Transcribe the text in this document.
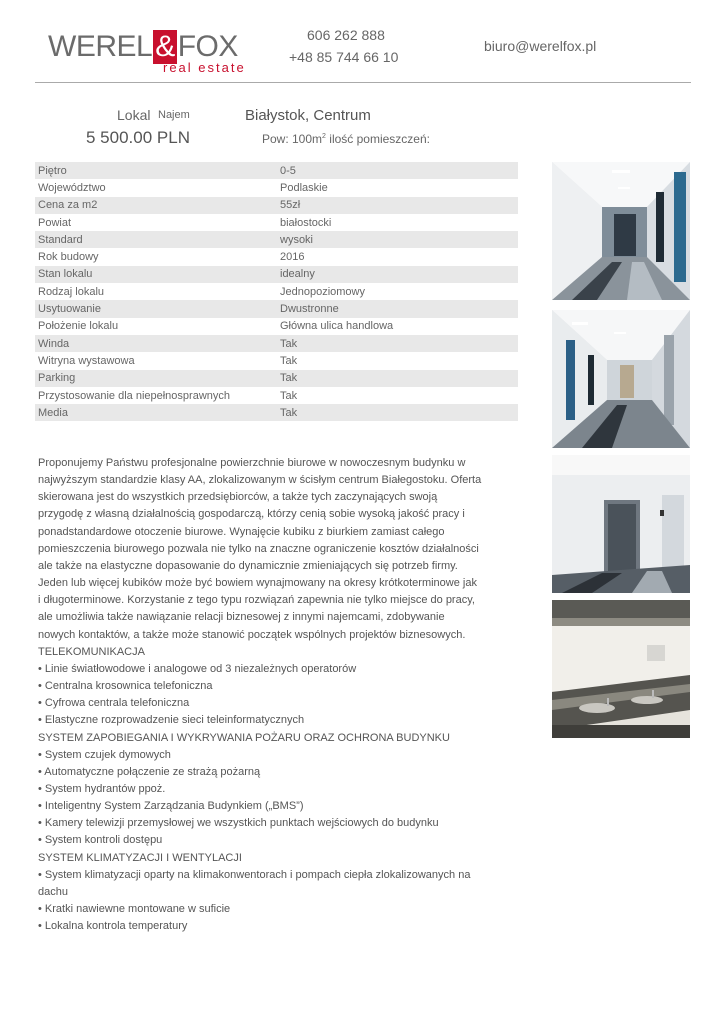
WEREL & FOX
real estate
606 262 888
+48 85 744 66 10
biuro@werelfox.pl
Lokal Najem
5 500.00 PLN
Białystok, Centrum
Pow: $100m^2$ ilość pomieszczeń:
Piętro	0-5
Województwo	Podlaskie
Cena za m2	55zł
Powiat	białostocki
Standard	wysoki
Rok budowy	2016
Stan lokalu	idealny
Rodzaj lokalu	Jednopoziomowy
Usytuowanie	Dwustronne
Położenie lokalu	Główna ulica handlowa
Winda	Tak
Witryna wystawowa	Tak
Parking	Tak
Przystosowanie dla niepełnosprawnych	Tak
Media	Tak

Proponujemy Państwu profesjonalne powierzchnie biurowe w nowoczesnym budynku w najwyższym standardzie klasy AA, zlokalizowanym w ścisłym centrum Białegostoku. Oferta skierowana jest do wszystkich przedsiębiorców, a także tych zaczynających swoją przygodę z własną działalnością gospodarczą, którzy cenią sobie wysoką jakość pracy i ponadstandardowe otoczenie biurowe. Wynajęcie kubiku z biurkiem zamiast całego pomieszczenia biurowego pozwala nie tylko na znaczne ograniczenie kosztów działalności ale także na elastyczne dopasowanie do dynamicznie zmieniających się potrzeb firmy. Jeden lub więcej kubików może być bowiem wynajmowany na okresy krótkoterminowe jak i długoterminowe. Korzystanie z tego typu rozwiązań zapewnia nie tylko miejsce do pracy, ale umożliwia także nawiązanie relacji biznesowej z innymi najemcami, zdobywanie nowych kontaktów, a także może stanowić początek wspólnych projektów biznesowych.

TELEKOMUNIKACJA

• Linie światłowodowe i analogowe od 3 niezależnych operatorów

• Centralna krosownica telefoniczna

• Cyfrowa centrala telefoniczna

• Elastyczne rozprowadzenie sieci teleinformatycznych

SYSTEM ZAPOBIEGANIA I WYKRYWANIA POŻARU ORAZ OCHRONA BUDYNKU

• System czujek dymowych

• Automatyczne połączenie ze strażą pożarną

• System hydrantów ppoż.

• Inteligentny System Zarządzania Budynkiem („BMS”)

• Kamery telewizji przemysłowej we wszystkich punktach wejściowych do budynku

• System kontroli dostępu

SYSTEM KLIMATYZACJI I WENTYLACJI

• System klimatyzacji oparty na klimakonwentorach i pompach ciepła zlokalizowanych na dachu

• Kratki nawiewne montowane w suficie

• Lokalna kontrola temperatury
